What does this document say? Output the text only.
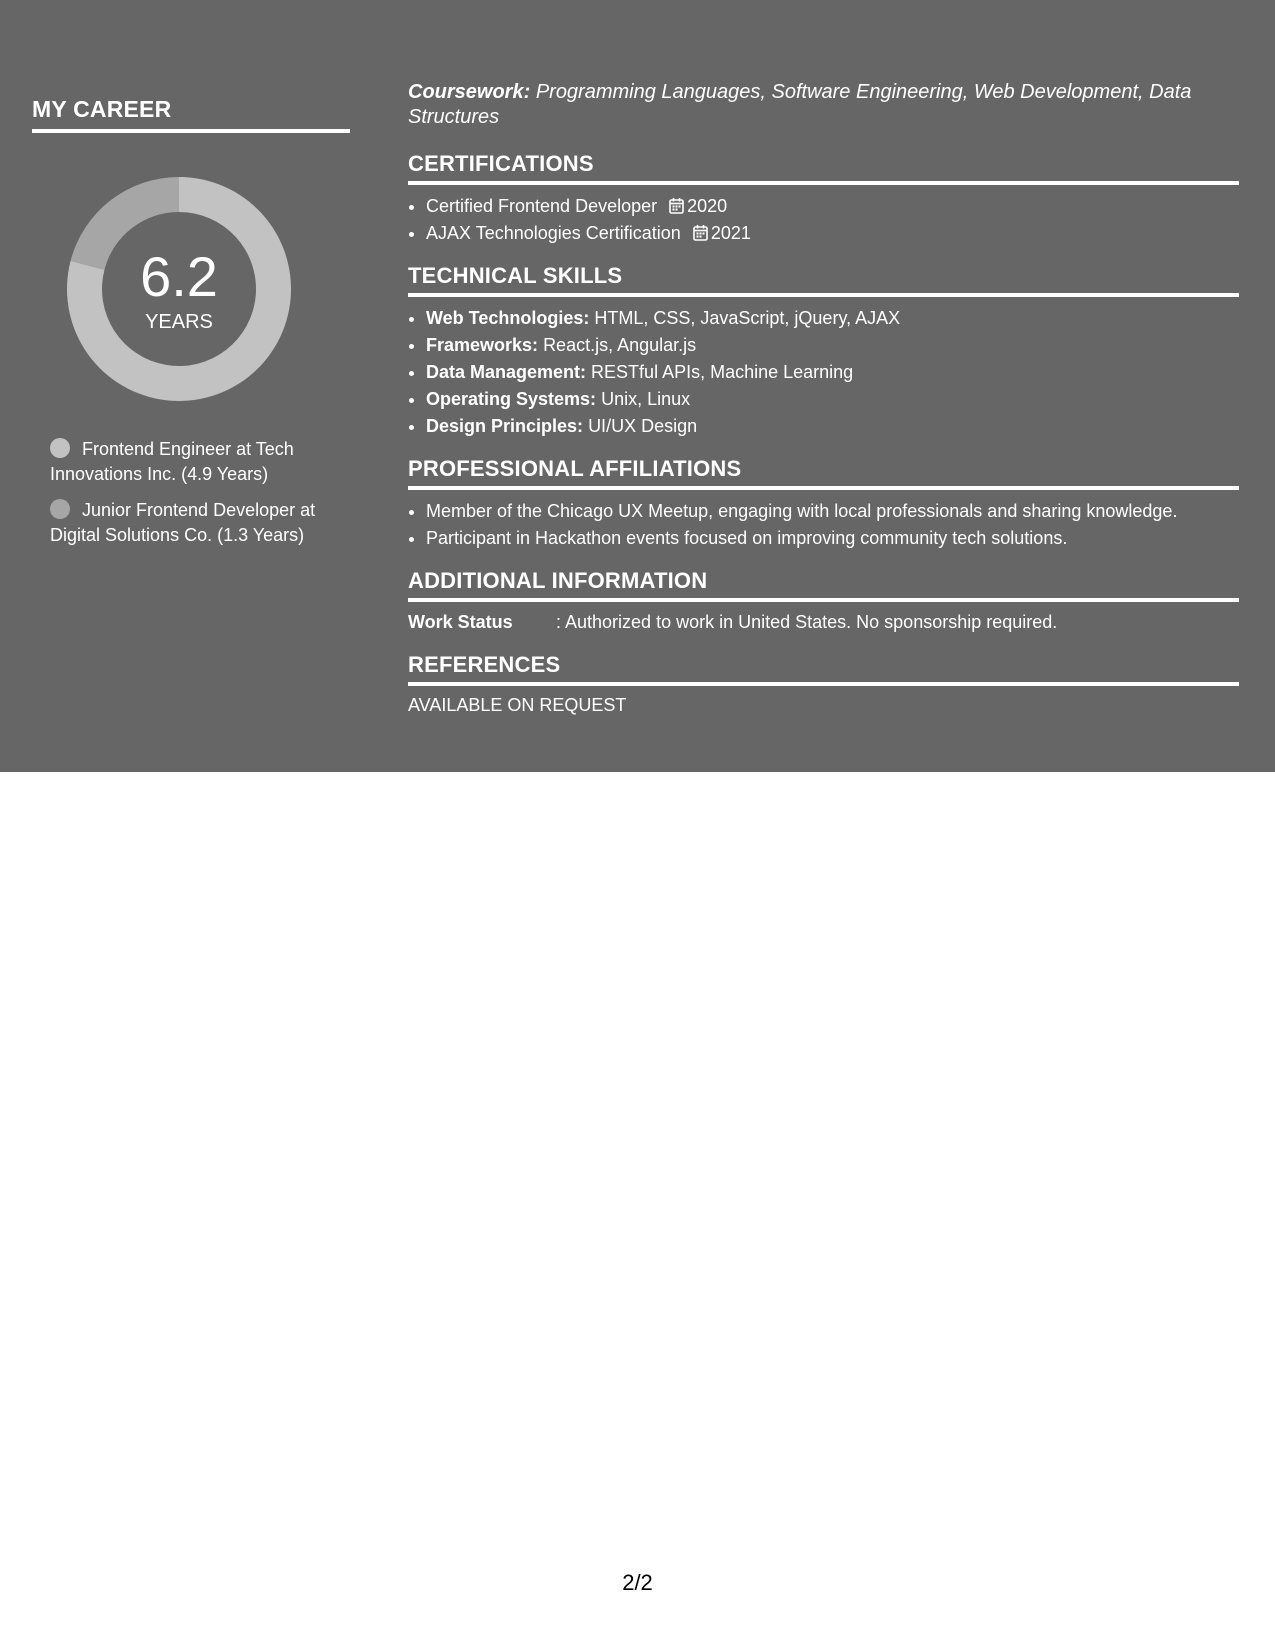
MY CAREER
6.2
YEARS
Frontend Engineer at Tech Innovations Inc. (4.9 Years)
Junior Frontend Developer at Digital Solutions Co. (1.3 Years)

Coursework: Programming Languages, Software Engineering, Web Development, Data Structures

CERTIFICATIONS
• Certified Frontend Developer 2020
• AJAX Technologies Certification 2021
TECHNICAL SKILLS
• Web Technologies: HTML, CSS, JavaScript, jQuery, AJAX
• Frameworks: React.js, Angular.js
• Data Management: RESTful APIs, Machine Learning
• Operating Systems: Unix, Linux
• Design Principles: UI/UX Design
PROFESSIONAL AFFILIATIONS
• Member of the Chicago UX Meetup, engaging with local professionals and sharing knowledge.
• Participant in Hackathon events focused on improving community tech solutions.
ADDITIONAL INFORMATION
Work Status : Authorized to work in United States. No sponsorship required.
REFERENCES

AVAILABLE ON REQUEST

2/2
